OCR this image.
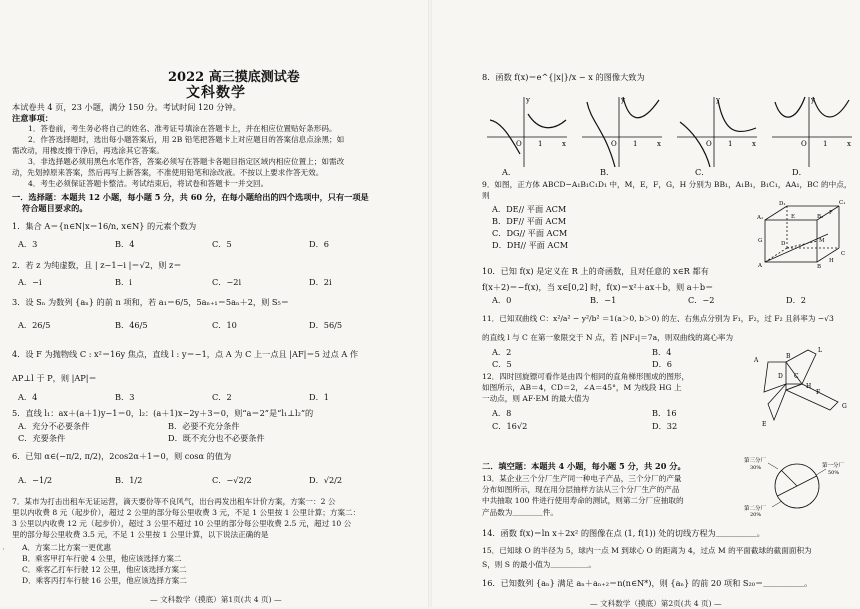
2022 高三摸底测试卷
文科数学
本试卷共 4 页，23 小题，满分 150 分。考试时间 120 分钟。
注意事项：
1．答卷前，考生务必将自己的姓名、准考证号填涂在答题卡上，并在相应位置贴好条形码。
2．作答选择题时，选出每小题答案后，用 2B 铅笔把答题卡上对应题目的答案信息点涂黑；如
需改动，用橡皮擦干净后，再选涂其它答案。
3．非选择题必须用黑色水笔作答，答案必须写在答题卡各题目指定区域内相应位置上；如需改
动，先划掉原来答案，然后再写上新答案，不准使用铅笔和涂改液。不按以上要求作答无效。
4．考生必须保证答题卡整洁。考试结束后，将试卷和答题卡一并交回。
一．选择题：本题共 12 小题，每小题 5 分，共 60 分，在每小题给出的四个选项中，只有一项是
符合题目要求的。
1．集合 A＝{n∈N|x＝16/n, x∈N} 的元素个数为
A．3	B．4	C．5	D．6
2．若 z 为纯虚数，且 | z−1−i |＝√2，则 z＝
A．−i	B．i	C．−2i	D．2i
3．设 Sₙ 为数列 {aₙ} 的前 n 项和，若 a₁＝6/5，5aₙ₊₁＝5aₙ＋2，则 S₅＝
A．26/5	B．46/5	C．10	D．56/5
4．设 F 为抛物线 C : x²＝16y 焦点，直线 l : y＝−1，点 A 为 C 上一点且 |AF|＝5 过点 A 作
AP⊥l 于 P，则 |AP|＝
A．4	B．3	C．2	D．1
5．直线 l₁：ax＋(a＋1)y−1＝0，l₂：(a＋1)x−2y＋3＝0，则“a＝2”是“l₁⊥l₂”的
A．充分不必要条件	B．必要不充分条件
C．充要条件	D．既不充分也不必要条件
6．已知 α∈(−π/2, π/2)，2cos2α＋1＝0，则 cosα 的值为
A．−1/2	B．1/2	C．−√2/2	D．√2/2
7．某市为打击出租车无证运营，滴天要份等不良风气，出台再发出租车计价方案，方案一：2 公
里以内收费 8 元（起步价），超过 2 公里的部分每公里收费 3 元，不足 1 公里按 1 公里计算；方案二：
3 公里以内收费 12 元（起步价），超过 3 公里不超过 10 公里的部分每公里收费 2.5 元，超过 10 公
里的部分每公里收费 3.5 元，不足 1 公里按 1 公里计算，以下说法正确的是
A．方案二比方案一更优惠
B．乘客甲打车行驶 4 公里，他应该选择方案二
C．乘客乙打车行驶 12 公里，他应该选择方案二
D．乘客丙打车行驶 16 公里，他应该选择方案二
— 文科数学（摸底）第1页(共 4 页) —
·
8．函数 f(x)＝e^{|x|}/x − x 的图像大致为
O 1	x
y
O 1	x
y
O 1	x
y
O 1	x
y
A．	B．	C．	D．
9．如图，正方体 ABCD−A₁B₁C₁D₁ 中，M，E，F，G，H 分别为 BB₁，A₁B₁，B₁C₁，AA₁，BC 的中点，
则
A．DE// 平面 ACM
B．DF// 平面 ACM
C．DG// 平面 ACM
D．DH// 平面 ACM
D₁	C₁
A₁	B₁
G
E
F
M
D
C
A	B
H
10．已知 f(x) 是定义在 R 上的奇函数，且对任意的 x∈R 都有
f(x＋2)＝−f(x)，当 x∈[0,2] 时，f(x)＝x²＋ax＋b，则 a＋b＝
A．0	B．−1	C．−2	D．2
11．已知双曲线 C：x²/a² − y²/b² ＝1(a＞0, b＞0) 的左、右焦点分别为 F₁，F₂，过 F₂ 且斜率为 −√3
的直线 l 与 C 在第一象限交于 N 点，若 |NF₁|＝7a，则双曲线的离心率为
A．2	B．4
C．5	D．6
12．四时回旋镖可看作是由四个相同的直角梯形围成的图形，
如图所示，AB＝4，CD＝2，∠A＝45°，M 为线段 HG 上
一动点，则 AF·EM 的最大值为
A．8	B．16
C．16√2	D．32
A
B
C
D
E
F
G
H
L
二．填空题：本题共 4 小题，每小题 5 分，共 20 分。
13．某企业三个分厂生产同一种电子产品，三个分厂的产量
分布如图所示，现在用分层抽样方法从三个分厂生产的产品
中共抽取 100 件进行使用寿命的测试，则第二分厂应抽取的
产品数为＿＿＿＿件。
第三分厂
30%	第一分厂
50%
第二分厂
20%
14．函数 f(x)＝ln x＋2x² 的图像在点 (1, f(1)) 处的切线方程为＿＿＿＿＿。
15．已知球 O 的半径为 5，球内一点 M 到球心 O 的距离为 4，过点 M 的平面截球的截面面积为
S，则 S 的最小值为＿＿＿＿＿。
16．已知数列 {aₙ} 满足 aₙ＋aₙ₊₂＝n(n∈N*)，则 {aₙ} 的前 20 项和 S₂₀＝＿＿＿＿＿。
— 文科数学（摸底）第2页(共 4 页) —
